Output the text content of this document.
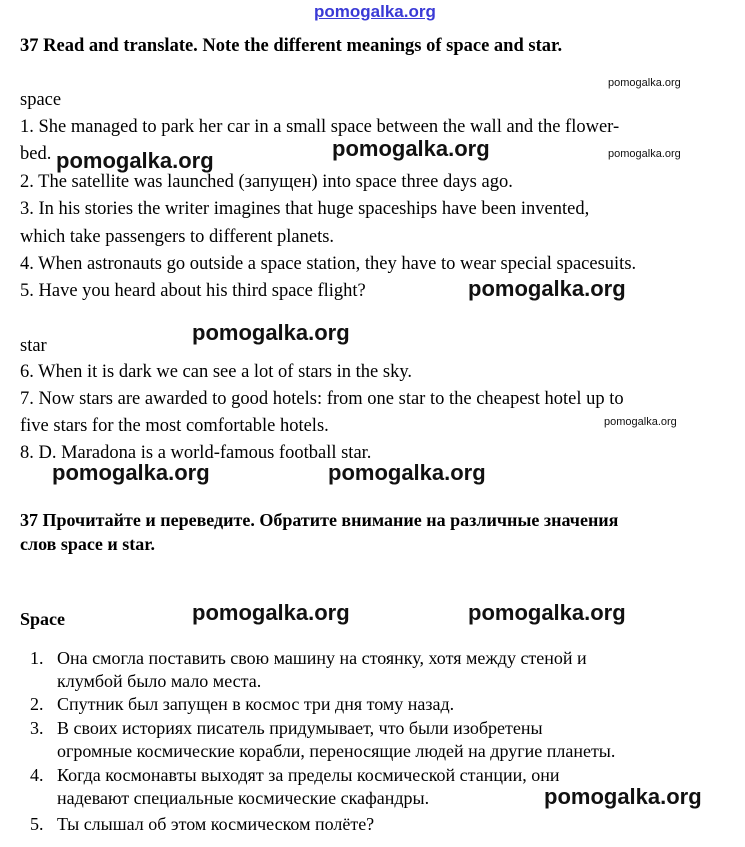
pomogalka.org
37 Read and translate. Note the different meanings of space and star.
pomogalka.org
space
1. She managed to park her car in a small space between the wall and the flower-
bed. pomogalka.org	pomogalka.org	pomogalka.org
2. The satellite was launched (запущен) into space three days ago.
3. In his stories the writer imagines that huge spaceships have been invented,
which take passengers to different planets.
4. When astronauts go outside a space station, they have to wear special spacesuits.
5. Have you heard about his third space flight?	pomogalka.org
pomogalka.org
star
6. When it is dark we can see a lot of stars in the sky.
7. Now stars are awarded to good hotels: from one star to the cheapest hotel up to
five stars for the most comfortable hotels.	pomogalka.org
8. D. Maradona is a world-famous football star.
pomogalka.org	pomogalka.org
37 Прочитайте и переведите. Обратите внимание на различные значения
слов space и star.
Space	pomogalka.org	pomogalka.org
1. Она смогла поставить свою машину на стоянку, хотя между стеной и
клумбой было мало места.
2. Спутник был запущен в космос три дня тому назад.
3. В своих историях писатель придумывает, что были изобретены
огромные космические корабли, переносящие людей на другие планеты.
4. Когда космонавты выходят за пределы космической станции, они
надевают специальные космические скафандры.	pomogalka.org
5. Ты слышал об этом космическом полёте?
